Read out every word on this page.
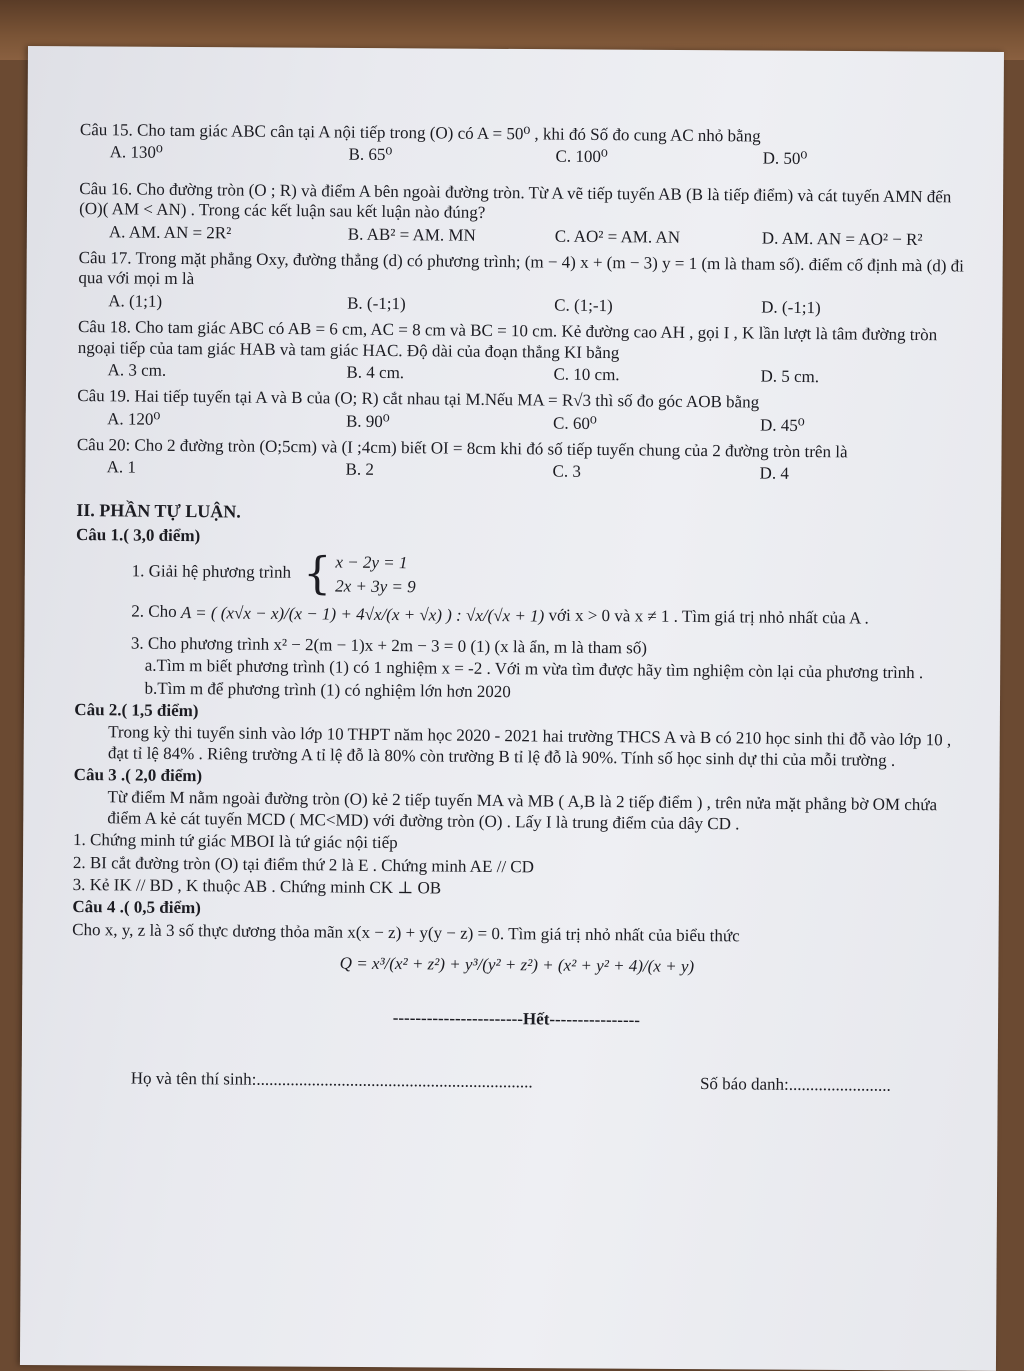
Câu 15. Cho tam giác ABC cân tại A nội tiếp trong (O) có A = 50⁰ , khi đó Số đo cung AC nhỏ bằng

A. 130⁰	B. 65⁰	C. 100⁰	D. 50⁰

Câu 16. Cho đường tròn (O ; R) và điểm A bên ngoài đường tròn. Từ A vẽ tiếp tuyến AB (B là tiếp điểm) và cát tuyến AMN đến (O)( AM < AN) . Trong các kết luận sau kết luận nào đúng?

A. AM. AN = 2R²	B. AB² = AM. MN	C. AO² = AM. AN	D. AM. AN = AO² − R²

Câu 17. Trong mặt phẳng Oxy, đường thẳng (d) có phương trình; (m − 4) x + (m − 3) y = 1 (m là tham số). điểm cố định mà (d) đi qua với mọi m là

A. (1;1)	B. (-1;1)	C. (1;-1)	D. (-1;1)

Câu 18. Cho tam giác ABC có AB = 6 cm, AC = 8 cm và BC = 10 cm. Kẻ đường cao AH , gọi I , K lần lượt là tâm đường tròn ngoại tiếp của tam giác HAB và tam giác HAC. Độ dài của đoạn thẳng KI bằng

A. 3 cm.	B. 4 cm.	C. 10 cm.	D. 5 cm.

Câu 19. Hai tiếp tuyến tại A và B của (O; R) cắt nhau tại M.Nếu MA = R√3 thì số đo góc AOB bằng

A. 120⁰	B. 90⁰	C. 60⁰	D. 45⁰

Câu 20: Cho 2 đường tròn (O;5cm) và (I ;4cm) biết OI = 8cm khi đó số tiếp tuyến chung của 2 đường tròn trên là

A. 1	B. 2	C. 3	D. 4

II. PHẦN TỰ LUẬN.

Câu 1.( 3,0 điểm)

1. Giải hệ phương trình { x − 2y = 1
2x + 3y = 9

2. Cho A = ( (x√x − x)/(x − 1) + 4√x/(x + √x) ) : √x/(√x + 1) với x > 0 và x ≠ 1 . Tìm giá trị nhỏ nhất của A .

3. Cho phương trình x² − 2(m − 1)x + 2m − 3 = 0 (1) (x là ẩn, m là tham số)

a.Tìm m biết phương trình (1) có 1 nghiệm x = -2 . Với m vừa tìm được hãy tìm nghiệm còn lại của phương trình .

b.Tìm m để phương trình (1) có nghiệm lớn hơn 2020

Câu 2.( 1,5 điểm)

Trong kỳ thi tuyển sinh vào lớp 10 THPT năm học 2020 - 2021 hai trường THCS A và B có 210 học sinh thi đỗ vào lớp 10 , đạt tỉ lệ 84% . Riêng trường A tỉ lệ đỗ là 80% còn trường B tỉ lệ đỗ là 90%. Tính số học sinh dự thi của mỗi trường .

Câu 3 .( 2,0 điểm)

Từ điểm M nằm ngoài đường tròn (O) kẻ 2 tiếp tuyến MA và MB ( A,B là 2 tiếp điểm ) , trên nửa mặt phẳng bờ OM chứa điểm A kẻ cát tuyến MCD ( MC<MD) với đường tròn (O) . Lấy I là trung điểm của dây CD .

1. Chứng minh tứ giác MBOI là tứ giác nội tiếp

2. BI cắt đường tròn (O) tại điểm thứ 2 là E . Chứng minh AE // CD

3. Kẻ IK // BD , K thuộc AB . Chứng minh CK ⊥ OB

Câu 4 .( 0,5 điểm)

Cho x, y, z là 3 số thực dương thỏa mãn x(x − z) + y(y − z) = 0. Tìm giá trị nhỏ nhất của biểu thức

Q = x³/(x² + z²) + y³/(y² + z²) + (x² + y² + 4)/(x + y)

-----------------------Hết----------------

Họ và tên thí sinh:.................................................................	Số báo danh:........................
